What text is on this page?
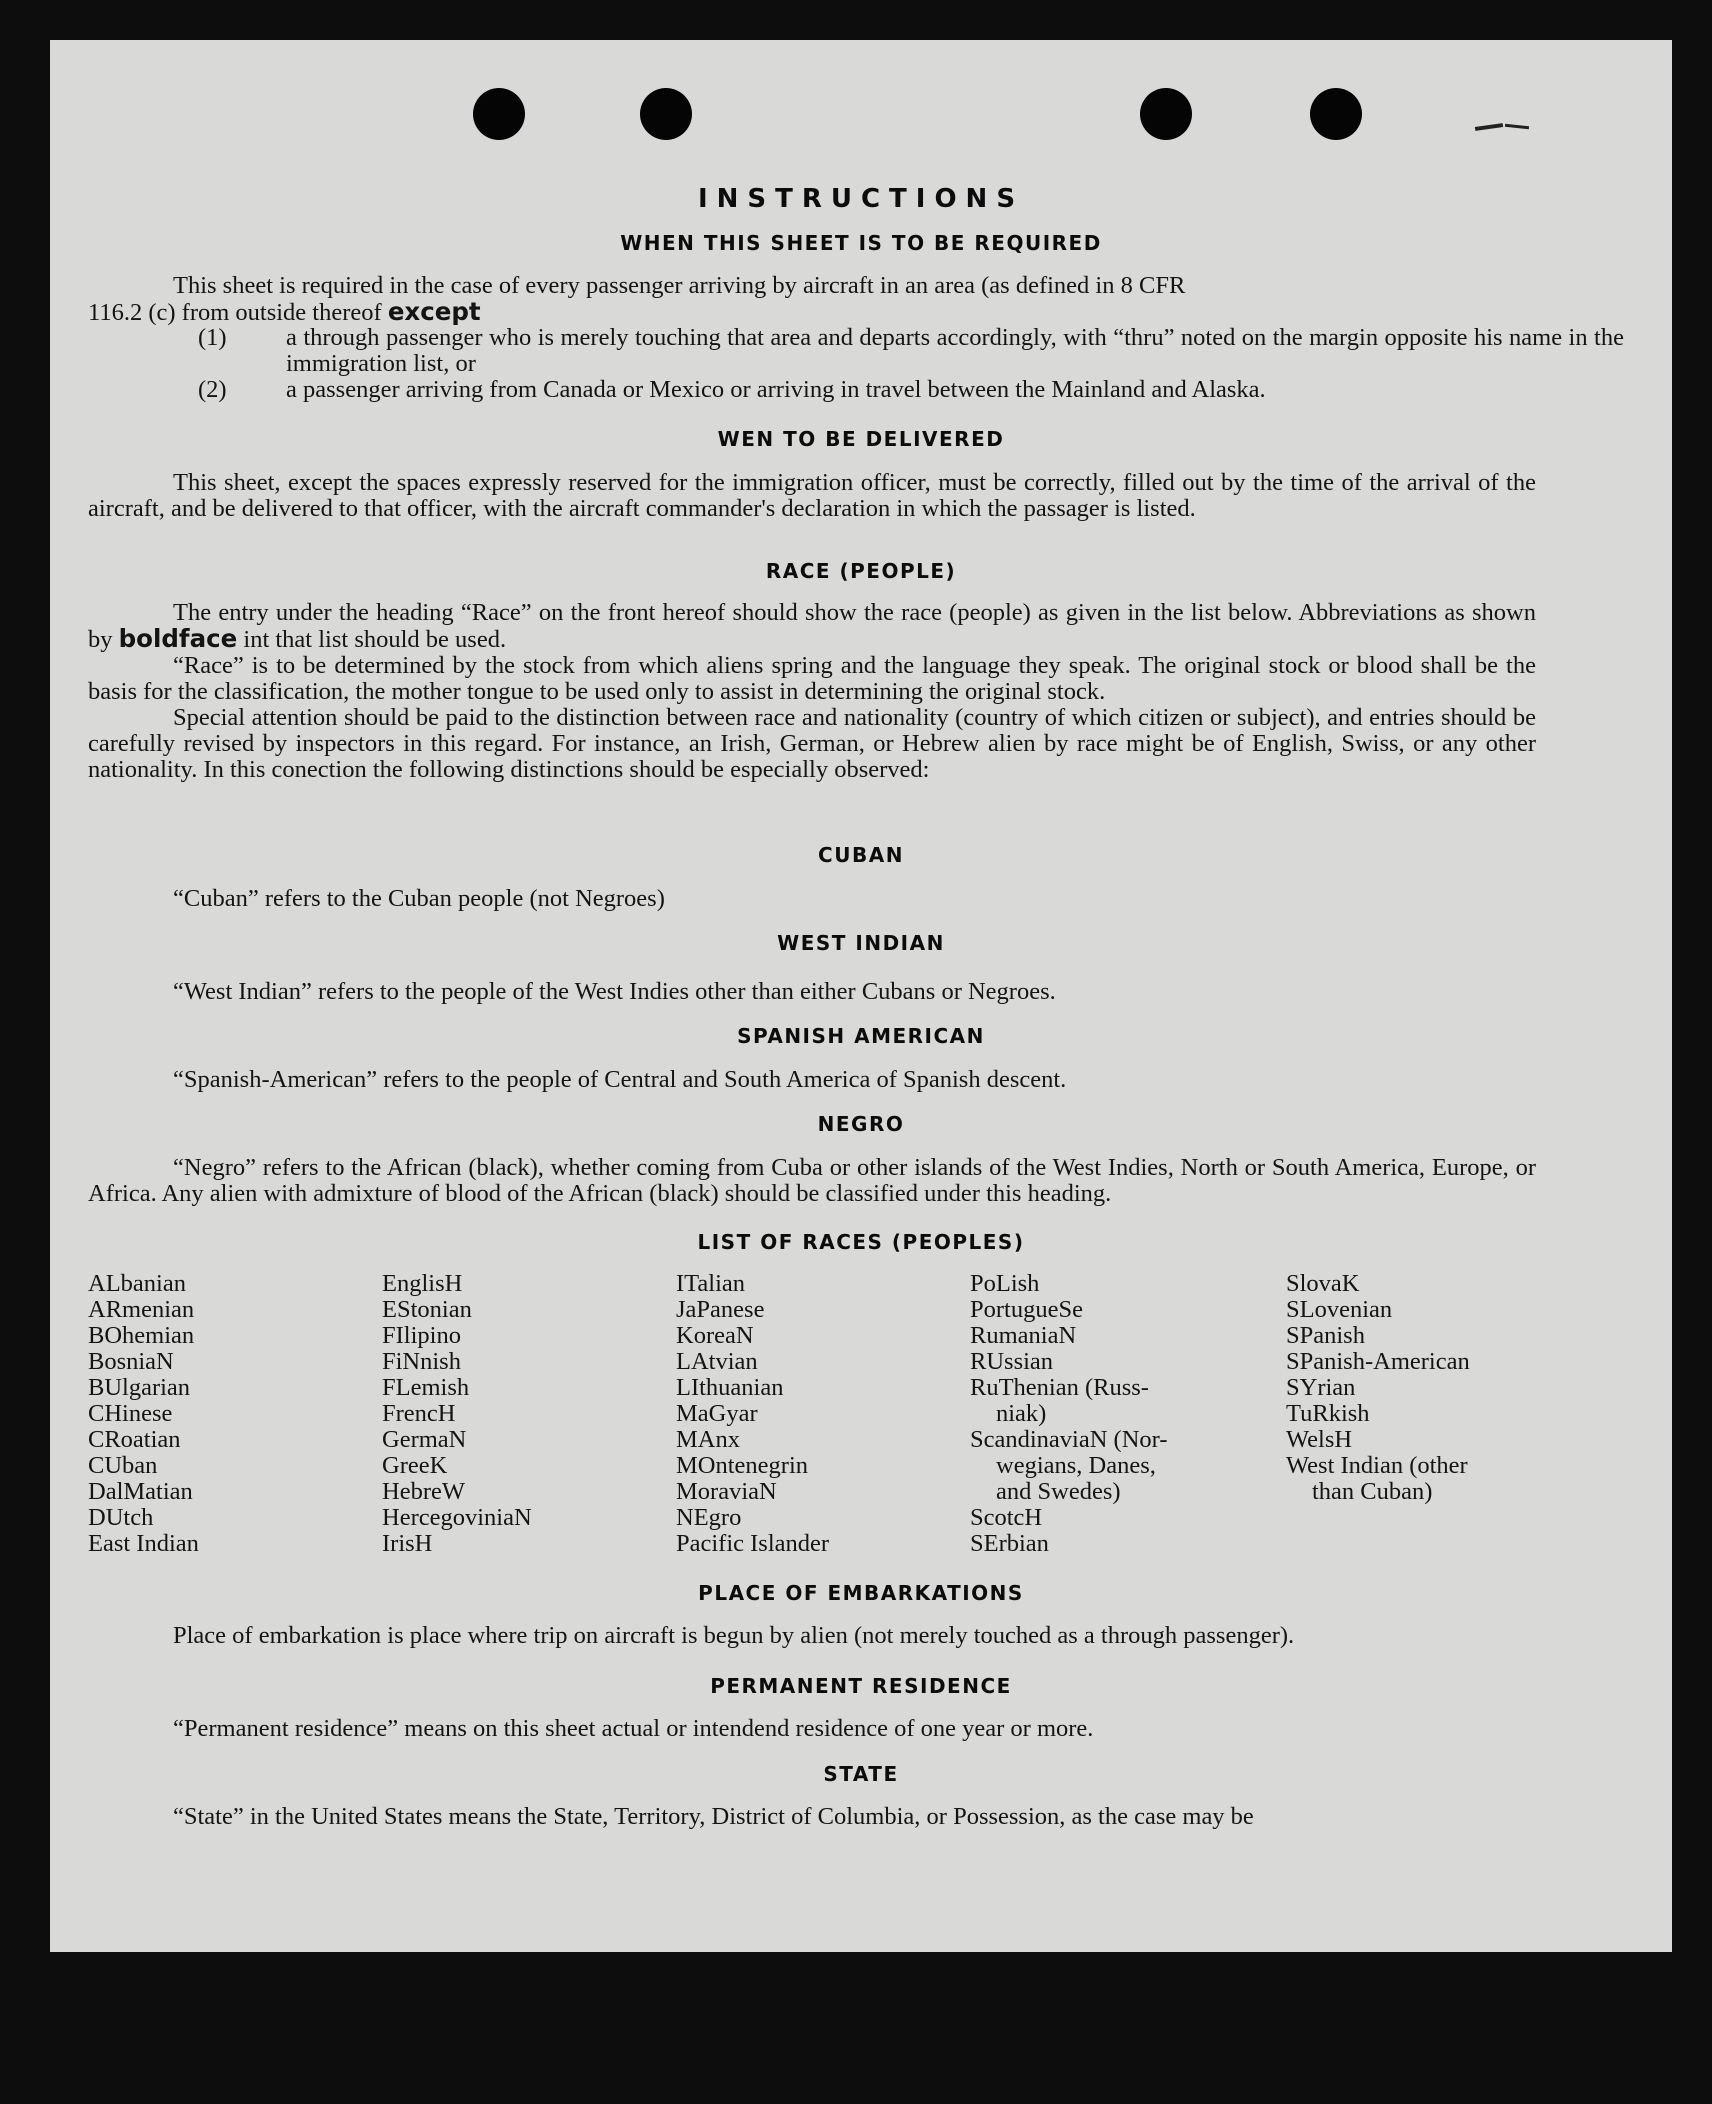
INSTRUCTIONS
WHEN THIS SHEET IS TO BE REQUIRED
This sheet is required in the case of every passenger arriving by aircraft in an area (as defined in 8 CFR
116.2 (c) from outside thereof except
(1) a through passenger who is merely touching that area and departs accordingly, with “thru” noted on the margin opposite his name in the immigration list, or
(2) a passenger arriving from Canada or Mexico or arriving in travel between the Mainland and Alaska.
WEN TO BE DELIVERED
This sheet, except the spaces expressly reserved for the immigration officer, must be correctly, filled out by the time of the arrival of the aircraft, and be delivered to that officer, with the aircraft commander's declaration in which the passager is listed.
RACE (PEOPLE)
The entry under the heading “Race” on the front hereof should show the race (people) as given in the list below. Abbreviations as shown by boldface int that list should be used.
“Race” is to be determined by the stock from which aliens spring and the language they speak. The original stock or blood shall be the basis for the classification, the mother tongue to be used only to assist in determining the original stock.
Special attention should be paid to the distinction between race and nationality (country of which citizen or subject), and entries should be carefully revised by inspectors in this regard. For instance, an Irish, German, or Hebrew alien by race might be of English, Swiss, or any other nationality. In this conection the following distinctions should be especially observed:
CUBAN
“Cuban” refers to the Cuban people (not Negroes)
WEST INDIAN
“West Indian” refers to the people of the West Indies other than either Cubans or Negroes.
SPANISH AMERICAN
“Spanish-American” refers to the people of Central and South America of Spanish descent.
NEGRO
“Negro” refers to the African (black), whether coming from Cuba or other islands of the West Indies, North or South America, Europe, or Africa. Any alien with admixture of blood of the African (black) should be classified under this heading.
LIST OF RACES (PEOPLES)
ALbanian
ARmenian
BOhemian
BosniaN
BUlgarian
CHinese
CRoatian
CUban
DalMatian
DUtch
East Indian
EnglisH
EStonian
FIlipino
FiNnish
FLemish
FrencH
GermaN
GreeK
HebreW
HercegoviniaN
IrisH
ITalian
JaPanese
KoreaN
LAtvian
LIthuanian
MaGyar
MAnx
MOntenegrin
MoraviaN
NEgro
Pacific Islander
PoLish
PortugueSe
RumaniaN
RUssian
RuThenian (Russ-
niak)
ScandinaviaN (Nor-
wegians, Danes,
and Swedes)
ScotcH
SErbian
SlovaK
SLovenian
SPanish
SPanish-American
SYrian
TuRkish
WelsH
West Indian (other
than Cuban)
PLACE OF EMBARKATIONS
Place of embarkation is place where trip on aircraft is begun by alien (not merely touched as a through passenger).
PERMANENT RESIDENCE
“Permanent residence” means on this sheet actual or intendend residence of one year or more.
STATE
“State” in the United States means the State, Territory, District of Columbia, or Possession, as the case may be
